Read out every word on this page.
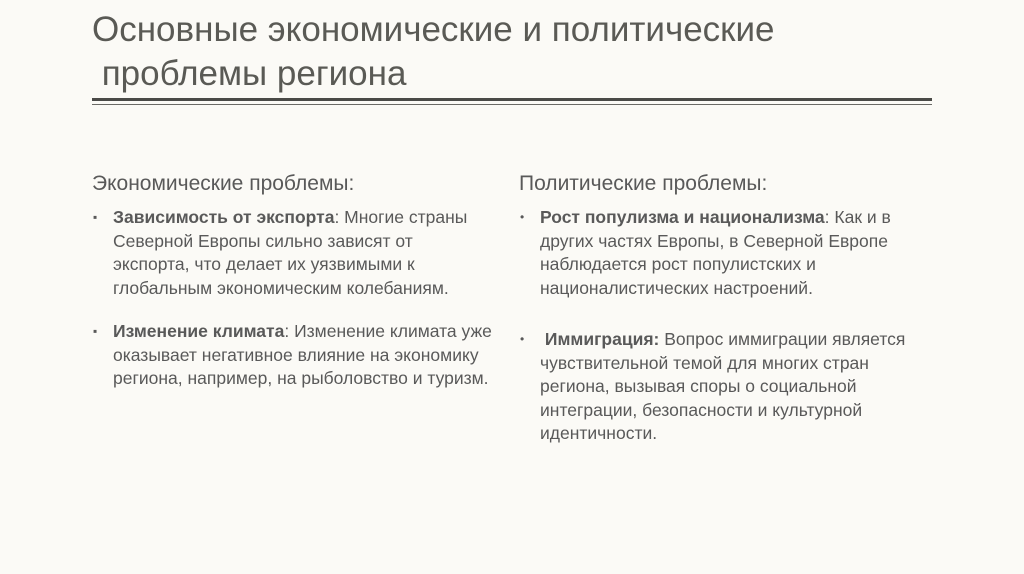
Основные экономические и политические
проблемы региона
Экономические проблемы:
▪ Зависимость от экспорта: Многие страны Северной Европы сильно зависят от экспорта, что делает их уязвимыми к глобальным экономическим колебаниям.
▪ Изменение климата: Изменение климата уже оказывает негативное влияние на экономику региона, например, на рыболовство и туризм.
Политические проблемы:
• Рост популизма и национализма: Как и в других частях Европы, в Северной Европе наблюдается рост популистских и националистических настроений.
• Иммиграция: Вопрос иммиграции является чувствительной темой для многих стран региона, вызывая споры о социальной интеграции, безопасности и культурной идентичности.
